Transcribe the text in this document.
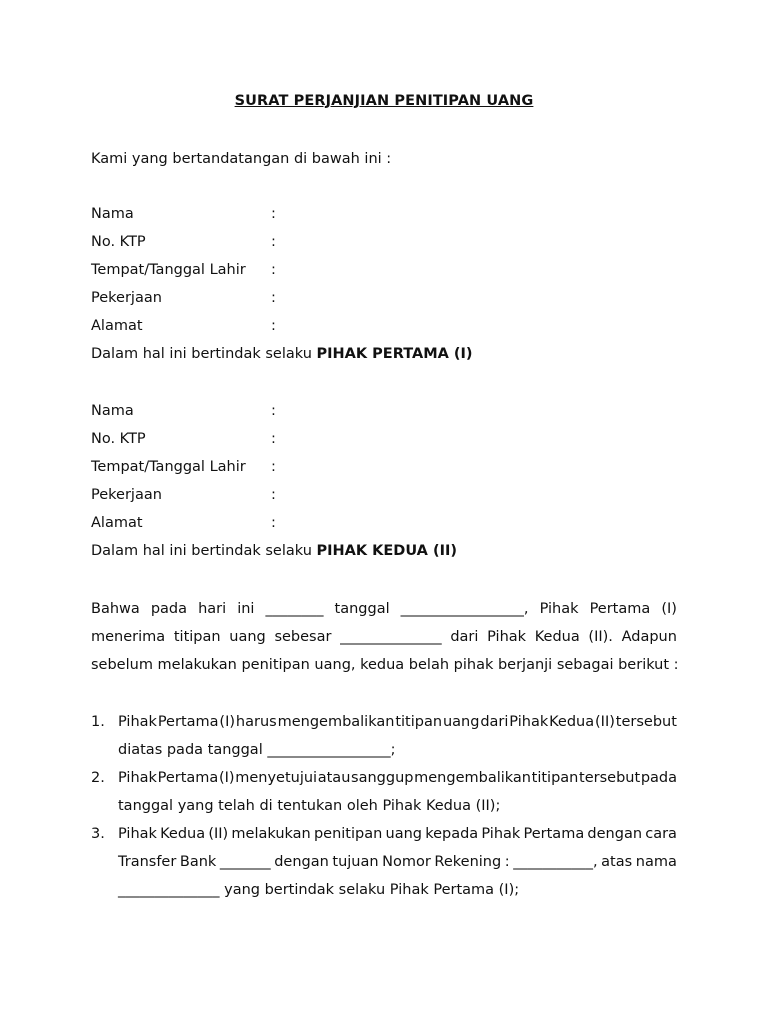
SURAT PERJANJIAN PENITIPAN UANG
Kami yang bertandatangan di bawah ini :
Nama	:
No. KTP	:
Tempat/Tanggal Lahir :
Pekerjaan	:
Alamat	:
Dalam hal ini bertindak selaku PIHAK PERTAMA (I)
Nama	:
No. KTP	:
Tempat/Tanggal Lahir :
Pekerjaan	:
Alamat	:
Dalam hal ini bertindak selaku PIHAK KEDUA (II)
Bahwa pada hari ini ________ tanggal _________________, Pihak Pertama (I)
menerima titipan uang sebesar ______________ dari Pihak Kedua (II). Adapun
sebelum melakukan penitipan uang, kedua belah pihak berjanji sebagai berikut :
1. Pihak Pertama (I) harus mengembalikan titipan uang dari Pihak Kedua (II) tersebut
diatas pada tanggal _________________;
2. Pihak Pertama (I) menyetujui atau sanggup mengembalikan titipan tersebut pada
tanggal yang telah di tentukan oleh Pihak Kedua (II);
3. Pihak Kedua (II) melakukan penitipan uang kepada Pihak Pertama dengan cara
Transfer Bank _______ dengan tujuan Nomor Rekening : ___________, atas nama
______________ yang bertindak selaku Pihak Pertama (I);
